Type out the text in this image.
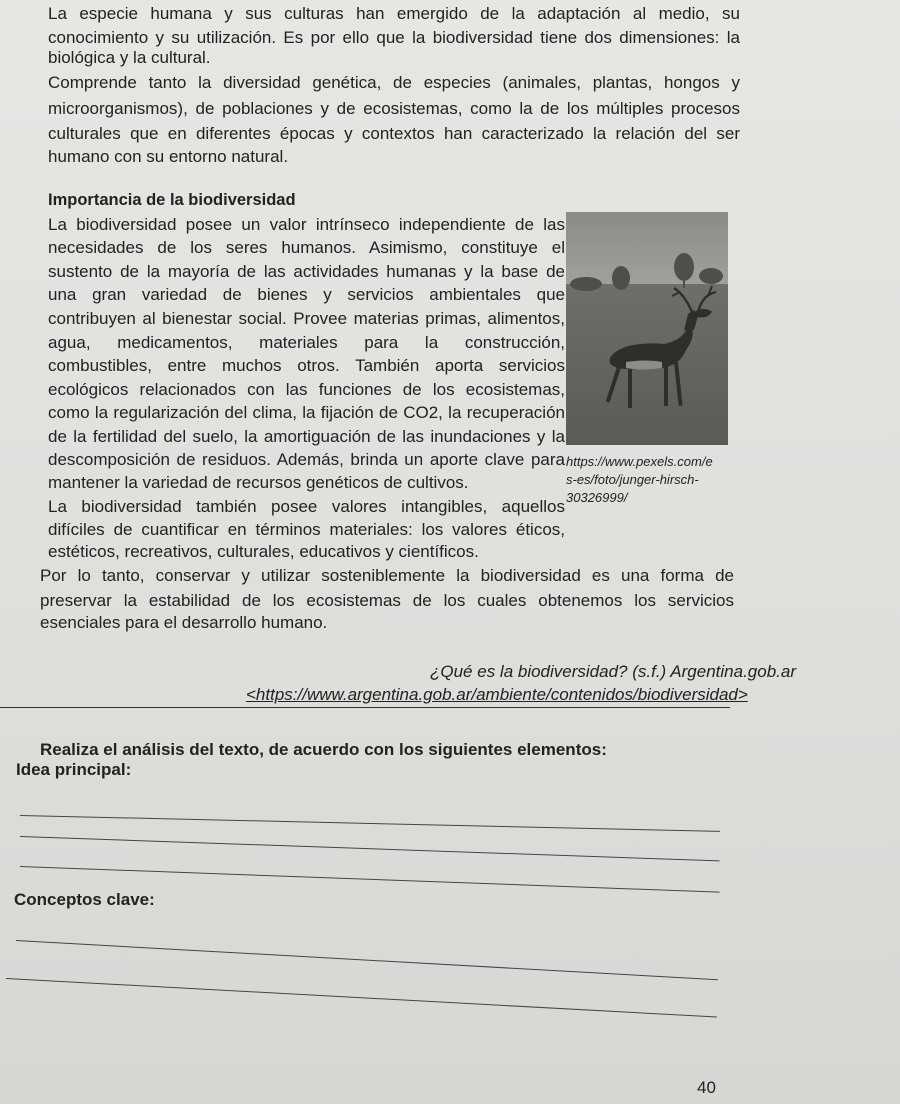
La especie humana y sus culturas han emergido de la adaptación al medio, su
conocimiento y su utilización. Es por ello que la biodiversidad tiene dos dimensiones: la
biológica y la cultural.
Comprende tanto la diversidad genética, de especies (animales, plantas, hongos y
microorganismos), de poblaciones y de ecosistemas, como la de los múltiples procesos
culturales que en diferentes épocas y contextos han caracterizado la relación del ser
humano con su entorno natural.
Importancia de la biodiversidad
La biodiversidad posee un valor intrínseco independiente de las
necesidades de los seres humanos. Asimismo, constituye el
sustento de la mayoría de las actividades humanas y la base de
una gran variedad de bienes y servicios ambientales que
contribuyen al bienestar social. Provee materias primas, alimentos,
agua, medicamentos, materiales para la construcción,
combustibles, entre muchos otros. También aporta servicios
ecológicos relacionados con las funciones de los ecosistemas,
como la regularización del clima, la fijación de CO2, la recuperación
de la fertilidad del suelo, la amortiguación de las inundaciones y la
descomposición de residuos. Además, brinda un aporte clave para
mantener la variedad de recursos genéticos de cultivos.
La biodiversidad también posee valores intangibles, aquellos
difíciles de cuantificar en términos materiales: los valores éticos,
estéticos, recreativos, culturales, educativos y científicos.
https://www.pexels.com/e
s-es/foto/junger-hirsch-
30326999/
Por lo tanto, conservar y utilizar sosteniblemente la biodiversidad es una forma de
preservar la estabilidad de los ecosistemas de los cuales obtenemos los servicios
esenciales para el desarrollo humano.
¿Qué es la biodiversidad? (s.f.) Argentina.gob.ar
<https://www.argentina.gob.ar/ambiente/contenidos/biodiversidad>
Realiza el análisis del texto, de acuerdo con los siguientes elementos:
Idea principal:
Conceptos clave:
40
